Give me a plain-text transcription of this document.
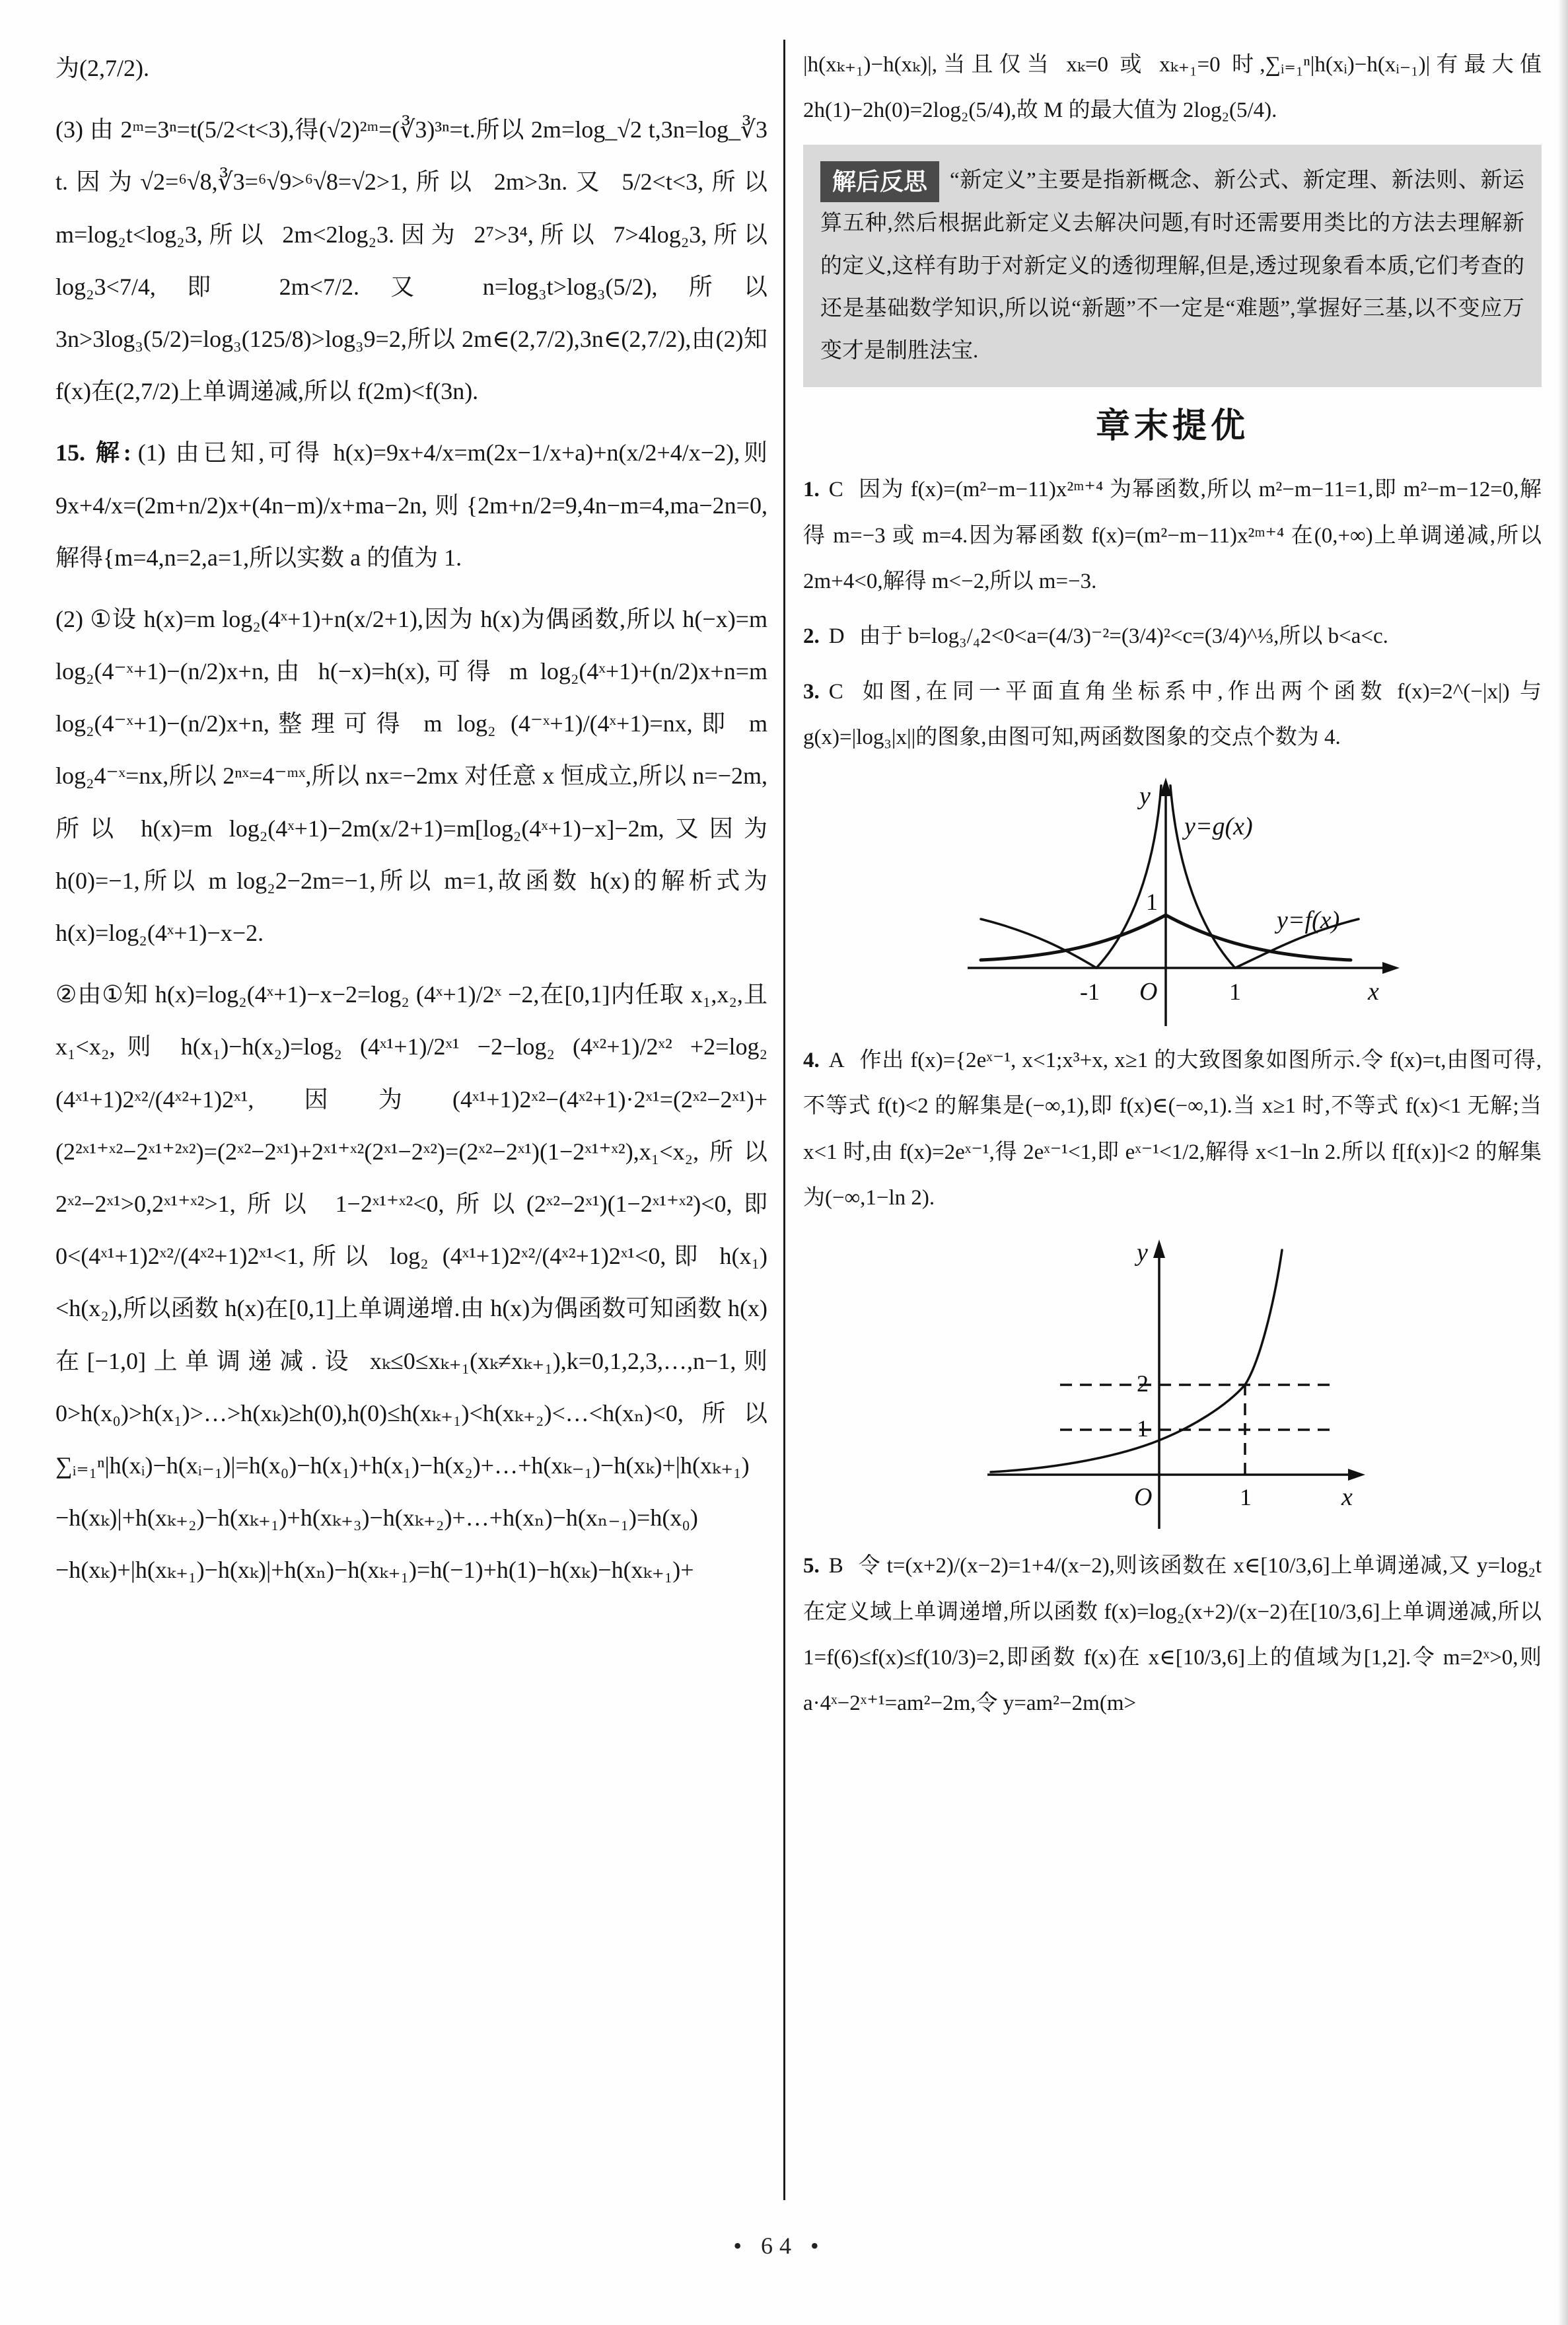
为(2,7/2).

(3) 由 2ᵐ=3ⁿ=t(5/2<t<3),得(√2)²ᵐ=(∛3)³ⁿ=t.所以 2m=log_√2 t,3n=log_∛3 t.因为√2=⁶√8,∛3=⁶√9>⁶√8=√2>1,所以 2m>3n.又 5/2<t<3,所以 m=log₂t<log₂3,所以 2m<2log₂3.因为 2⁷>3⁴,所以 7>4log₂3,所以 log₂3<7/4,即 2m<7/2.又 n=log₃t>log₃(5/2),所以 3n>3log₃(5/2)=log₃(125/8)>log₃9=2,所以 2m∈(2,7/2),3n∈(2,7/2),由(2)知 f(x)在(2,7/2)上单调递减,所以 f(2m)<f(3n).

15. 解: (1) 由已知,可得 h(x)=9x+4/x=m(2x−1/x+a)+n(x/2+4/x−2),则 9x+4/x=(2m+n/2)x+(4n−m)/x+ma−2n,则{2m+n/2=9,4n−m=4,ma−2n=0,解得{m=4,n=2,a=1,所以实数 a 的值为 1.

(2) ①设 h(x)=m log₂(4ˣ+1)+n(x/2+1),因为 h(x)为偶函数,所以 h(−x)=m log₂(4⁻ˣ+1)−(n/2)x+n,由 h(−x)=h(x),可得 m log₂(4ˣ+1)+(n/2)x+n=m log₂(4⁻ˣ+1)−(n/2)x+n,整理可得 m log₂ (4⁻ˣ+1)/(4ˣ+1)=nx,即 m log₂4⁻ˣ=nx,所以 2ⁿˣ=4⁻ᵐˣ,所以 nx=−2mx 对任意 x 恒成立,所以 n=−2m,所以 h(x)=m log₂(4ˣ+1)−2m(x/2+1)=m[log₂(4ˣ+1)−x]−2m,又因为 h(0)=−1,所以 m log₂2−2m=−1,所以 m=1,故函数 h(x)的解析式为 h(x)=log₂(4ˣ+1)−x−2.

②由①知 h(x)=log₂(4ˣ+1)−x−2=log₂ (4ˣ+1)/2ˣ −2,在[0,1]内任取 x₁,x₂,且 x₁<x₂,则 h(x₁)−h(x₂)=log₂ (4ˣ¹+1)/2ˣ¹ −2−log₂ (4ˣ²+1)/2ˣ² +2=log₂ (4ˣ¹+1)2ˣ²/(4ˣ²+1)2ˣ¹,因为(4ˣ¹+1)2ˣ²−(4ˣ²+1)·2ˣ¹=(2ˣ²−2ˣ¹)+(2²ˣ¹⁺ˣ²−2ˣ¹⁺²ˣ²)=(2ˣ²−2ˣ¹)+2ˣ¹⁺ˣ²(2ˣ¹−2ˣ²)=(2ˣ²−2ˣ¹)(1−2ˣ¹⁺ˣ²),x₁<x₂,所以 2ˣ²−2ˣ¹>0,2ˣ¹⁺ˣ²>1,所以 1−2ˣ¹⁺ˣ²<0,所以(2ˣ²−2ˣ¹)(1−2ˣ¹⁺ˣ²)<0,即 0<(4ˣ¹+1)2ˣ²/(4ˣ²+1)2ˣ¹<1,所以 log₂ (4ˣ¹+1)2ˣ²/(4ˣ²+1)2ˣ¹<0,即 h(x₁)<h(x₂),所以函数 h(x)在[0,1]上单调递增.由 h(x)为偶函数可知函数 h(x)在[−1,0]上单调递减.设 xₖ≤0≤xₖ₊₁(xₖ≠xₖ₊₁),k=0,1,2,3,…,n−1,则 0>h(x₀)>h(x₁)>…>h(xₖ)≥h(0),h(0)≤h(xₖ₊₁)<h(xₖ₊₂)<…<h(xₙ)<0,所以 ∑ᵢ₌₁ⁿ|h(xᵢ)−h(xᵢ₋₁)|=h(x₀)−h(x₁)+h(x₁)−h(x₂)+…+h(xₖ₋₁)−h(xₖ)+|h(xₖ₊₁)−h(xₖ)|+h(xₖ₊₂)−h(xₖ₊₁)+h(xₖ₊₃)−h(xₖ₊₂)+…+h(xₙ)−h(xₙ₋₁)=h(x₀)−h(xₖ)+|h(xₖ₊₁)−h(xₖ)|+h(xₙ)−h(xₖ₊₁)=h(−1)+h(1)−h(xₖ)−h(xₖ₊₁)+

|h(xₖ₊₁)−h(xₖ)|,当且仅当 xₖ=0 或 xₖ₊₁=0 时,∑ᵢ₌₁ⁿ|h(xᵢ)−h(xᵢ₋₁)|有最大值 2h(1)−2h(0)=2log₂(5/4),故 M 的最大值为 2log₂(5/4).

解后反思 “新定义”主要是指新概念、新公式、新定理、新法则、新运算五种,然后根据此新定义去解决问题,有时还需要用类比的方法去理解新的定义,这样有助于对新定义的透彻理解,但是,透过现象看本质,它们考查的还是基础数学知识,所以说“新题”不一定是“难题”,掌握好三基,以不变应万变才是制胜法宝.
章末提优

1. C 因为 f(x)=(m²−m−11)x²ᵐ⁺⁴ 为幂函数,所以 m²−m−11=1,即 m²−m−12=0,解得 m=−3 或 m=4.因为幂函数 f(x)=(m²−m−11)x²ᵐ⁺⁴ 在(0,+∞)上单调递减,所以 2m+4<0,解得 m<−2,所以 m=−3.

2. D 由于 b=log₃/₄2<0<a=(4/3)⁻²=(3/4)²<c=(3/4)^⅓,所以 b<a<c.

3. C 如图,在同一平面直角坐标系中,作出两个函数 f(x)=2^(−|x|) 与 g(x)=|log₃|x||的图象,由图可知,两函数图象的交点个数为 4.

y
y=g(x)
1
y=f(x)
-1 O	1	x

4. A 作出 f(x)={2eˣ⁻¹, x<1;x³+x, x≥1 的大致图象如图所示.令 f(x)=t,由图可得,不等式 f(t)<2 的解集是(−∞,1),即 f(x)∈(−∞,1).当 x≥1 时,不等式 f(x)<1 无解;当 x<1 时,由 f(x)=2eˣ⁻¹,得 2eˣ⁻¹<1,即 eˣ⁻¹<1/2,解得 x<1−ln 2.所以 f[f(x)]<2 的解集为(−∞,1−ln 2).

y
2
1
O	1	x

5. B 令 t=(x+2)/(x−2)=1+4/(x−2),则该函数在 x∈[10/3,6]上单调递减,又 y=log₂t 在定义域上单调递增,所以函数 f(x)=log₂(x+2)/(x−2)在[10/3,6]上单调递减,所以 1=f(6)≤f(x)≤f(10/3)=2,即函数 f(x)在 x∈[10/3,6]上的值域为[1,2].令 m=2ˣ>0,则 a·4ˣ−2ˣ⁺¹=am²−2m,令 y=am²−2m(m>

• 64 •
